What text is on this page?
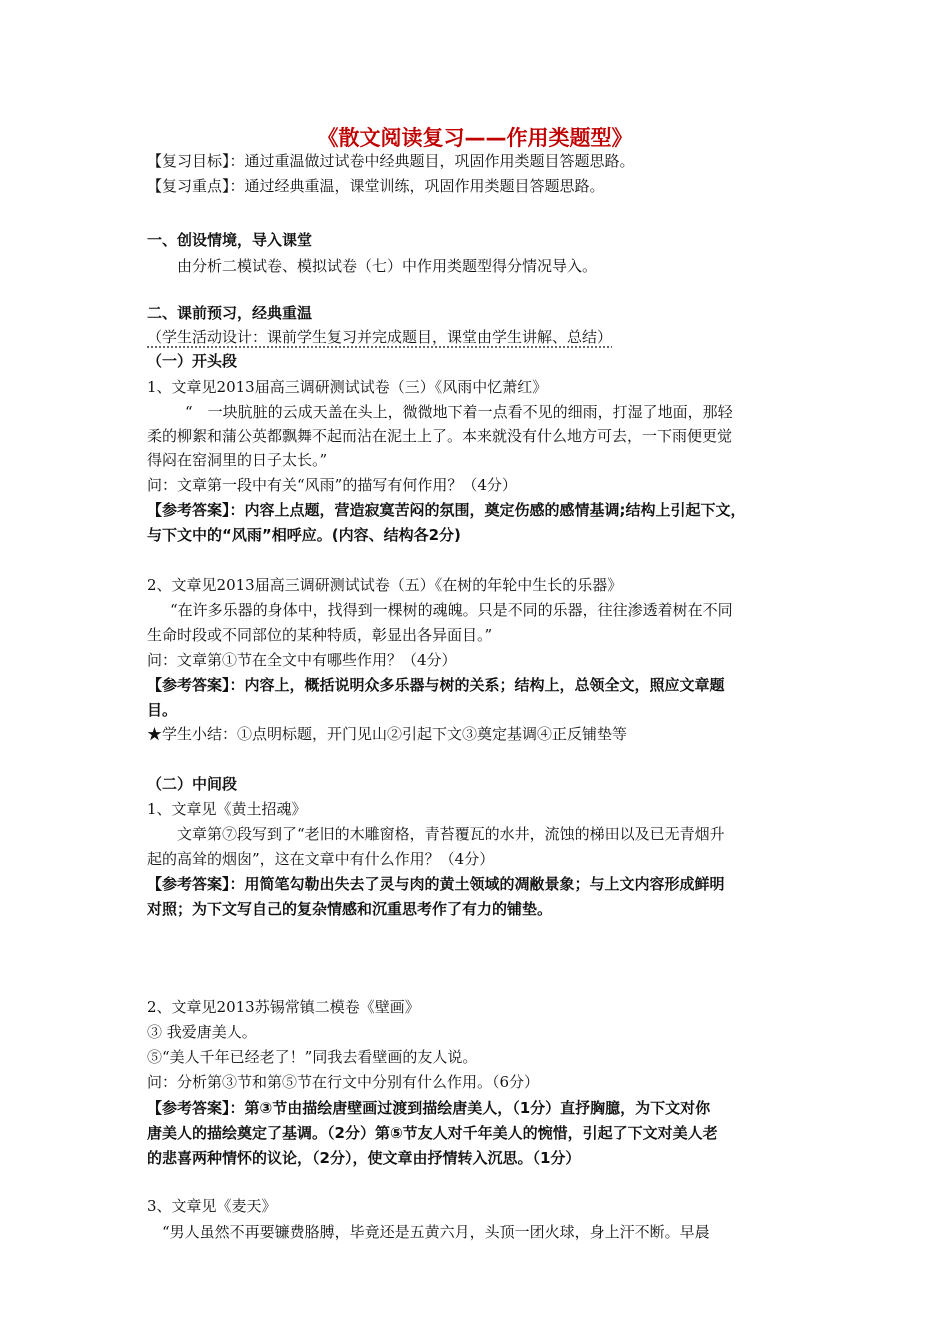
《散文阅读复习——作用类题型》
【复习目标】：通过重温做过试卷中经典题目，巩固作用类题目答题思路。
【复习重点】：通过经典重温，课堂训练，巩固作用类题目答题思路。
一、创设情境，导入课堂
由分析二模试卷、模拟试卷（七）中作用类题型得分情况导入。
二、课前预习，经典重温
（学生活动设计：课前学生复习并完成题目，课堂由学生讲解、总结）
（一）开头段
1、文章见2013届高三调研测试试卷（三）《风雨中忆萧红》
“　一块肮脏的云成天盖在头上，微微地下着一点看不见的细雨，打湿了地面，那轻
柔的柳絮和蒲公英都飘舞不起而沾在泥土上了。本来就没有什么地方可去，一下雨便更觉
得闷在窑洞里的日子太长。”
问：文章第一段中有关“风雨”的描写有何作用？（4分）
【参考答案】：内容上点题，营造寂寞苦闷的氛围，奠定伤感的感情基调;结构上引起下文，
与下文中的“风雨”相呼应。(内容、结构各2分)
2、文章见2013届高三调研测试试卷（五）《在树的年轮中生长的乐器》
“在许多乐器的身体中，找得到一棵树的魂魄。只是不同的乐器，往往渗透着树在不同
生命时段或不同部位的某种特质，彰显出各异面目。”
问：文章第①节在全文中有哪些作用？（4分）
【参考答案】：内容上，概括说明众多乐器与树的关系；结构上，总领全文，照应文章题
目。
★学生小结：①点明标题，开门见山②引起下文③奠定基调④正反铺垫等
（二）中间段
1、文章见《黄土招魂》
文章第⑦段写到了“老旧的木雕窗格，青苔覆瓦的水井，流蚀的梯田以及已无青烟升
起的高耸的烟囱”，这在文章中有什么作用？（4分）
【参考答案】：用简笔勾勒出失去了灵与肉的黄土领域的凋敝景象；与上文内容形成鲜明
对照；为下文写自己的复杂情感和沉重思考作了有力的铺垫。
2、文章见2013苏锡常镇二模卷《壁画》
③ 我爱唐美人。
⑤“美人千年已经老了！”同我去看壁画的友人说。
问：分析第③节和第⑤节在行文中分别有什么作用。（6分）
【参考答案】：第③节由描绘唐壁画过渡到描绘唐美人，（1分）直抒胸臆，为下文对你
唐美人的描绘奠定了基调。（2分）第⑤节友人对千年美人的惋惜，引起了下文对美人老
的悲喜两种情怀的议论，（2分），使文章由抒情转入沉思。（1分）
3、文章见《麦天》
“男人虽然不再要镰费胳膊，毕竟还是五黄六月，头顶一团火球，身上汗不断。早晨
